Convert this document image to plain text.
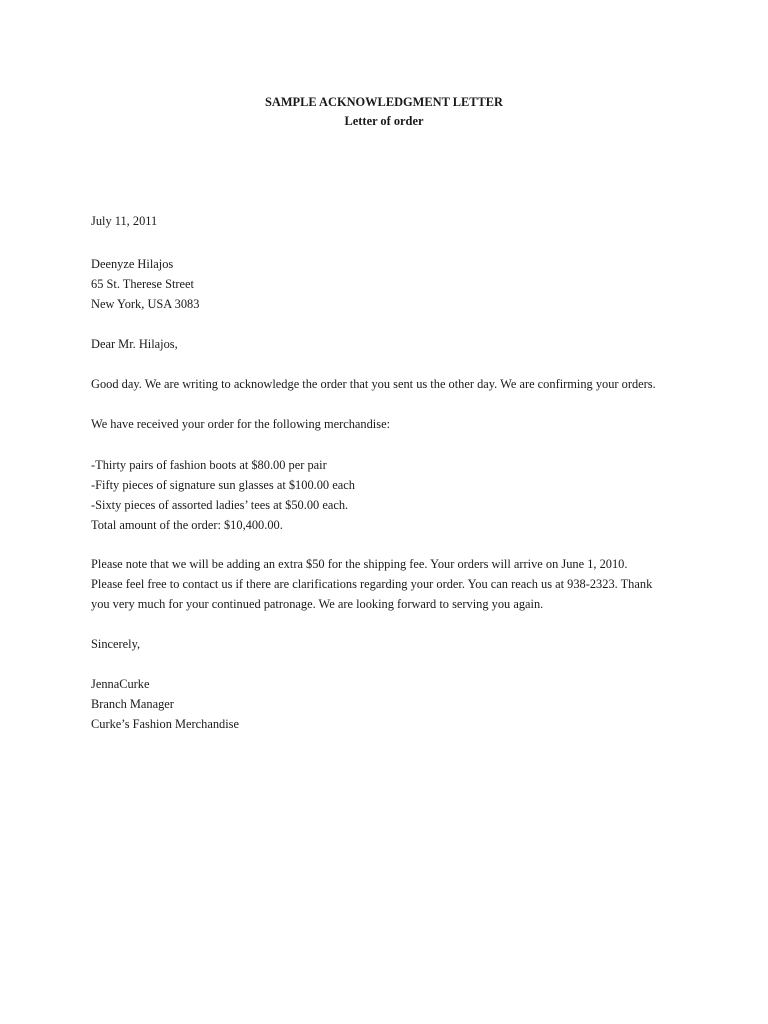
SAMPLE ACKNOWLEDGMENT LETTER
Letter of order
July 11, 2011
Deenyze Hilajos
65 St. Therese Street
New York, USA 3083
Dear Mr. Hilajos,
Good day. We are writing to acknowledge the order that you sent us the other day. We are confirming your orders.
We have received your order for the following merchandise:
-Thirty pairs of fashion boots at $80.00 per pair
-Fifty pieces of signature sun glasses at $100.00 each
-Sixty pieces of assorted ladies’ tees at $50.00 each.
Total amount of the order: $10,400.00.
Please note that we will be adding an extra $50 for the shipping fee. Your orders will arrive on June 1, 2010.
Please feel free to contact us if there are clarifications regarding your order. You can reach us at 938-2323. Thank
you very much for your continued patronage. We are looking forward to serving you again.
Sincerely,
JennaCurke
Branch Manager
Curke’s Fashion Merchandise
